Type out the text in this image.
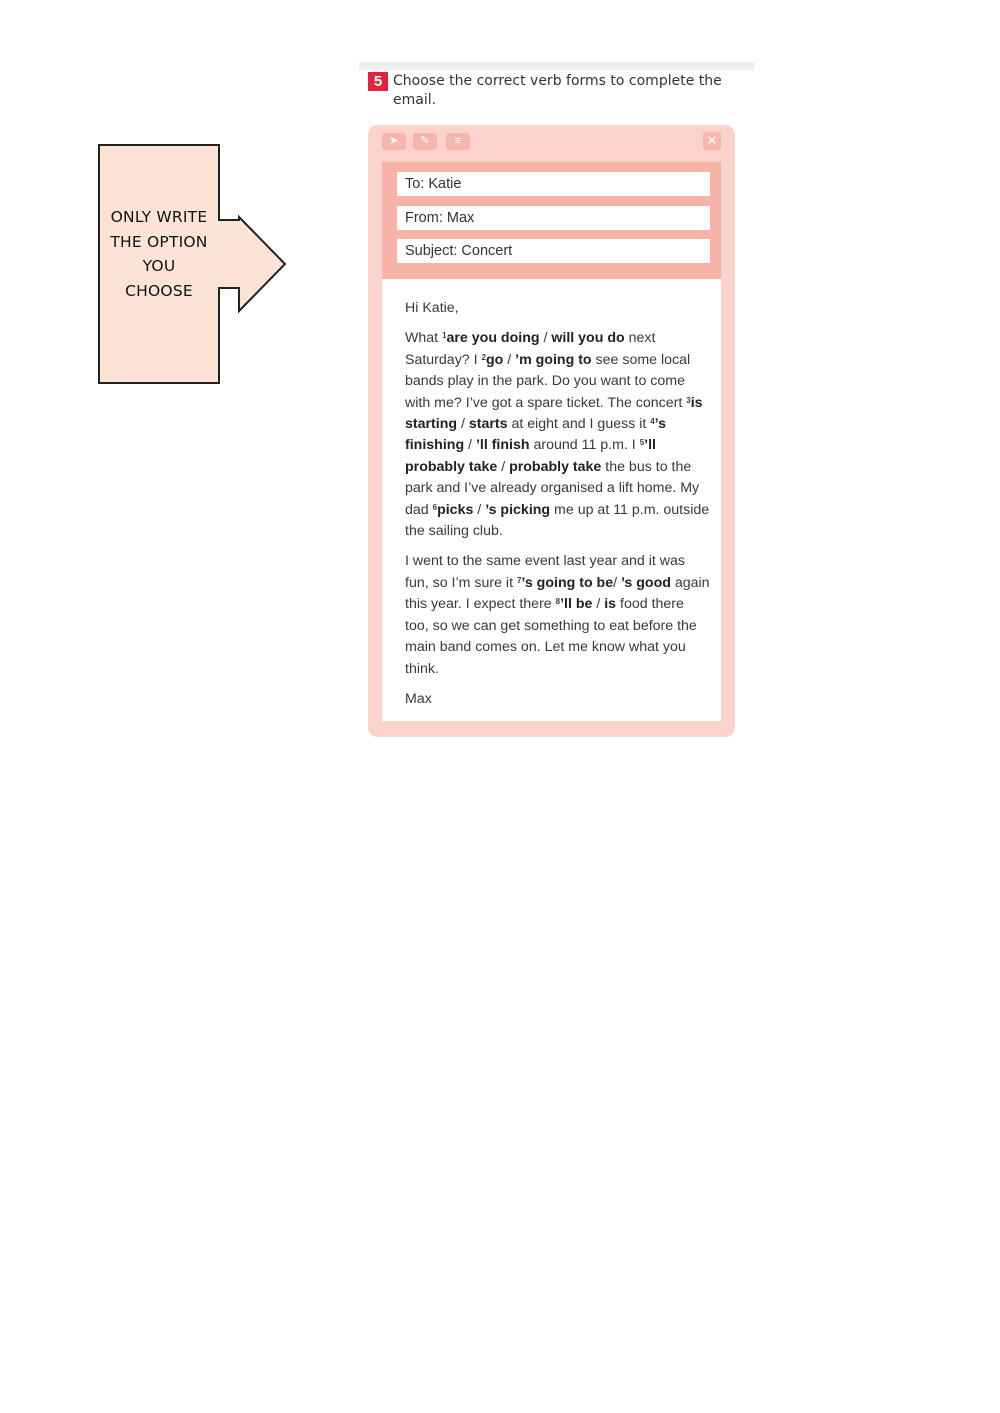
ONLY WRITE
THE OPTION
YOU
CHOOSE
5 Choose the correct verb forms to complete the email.
➤	✎	≡	✕
To: Katie
From: Max
Subject: Concert

Hi Katie,

What $^1$are you doing / will you do next Saturday? I $^2$go / ’m going to see some local bands play in the park. Do you want to come with me? I’ve got a spare ticket. The concert $^3$is starting / starts at eight and I guess it $^4$’s finishing / ’ll finish around 11 p.m. I $^5$’ll probably take / probably take the bus to the park and I’ve already organised a lift home. My dad $^6$picks / ’s picking me up at 11 p.m. outside the sailing club.

I went to the same event last year and it was fun, so I’m sure it $^7$’s going to be/ ’s good again this year. I expect there $^8$’ll be / is food there too, so we can get something to eat before the main band comes on. Let me know what you think.

Max
